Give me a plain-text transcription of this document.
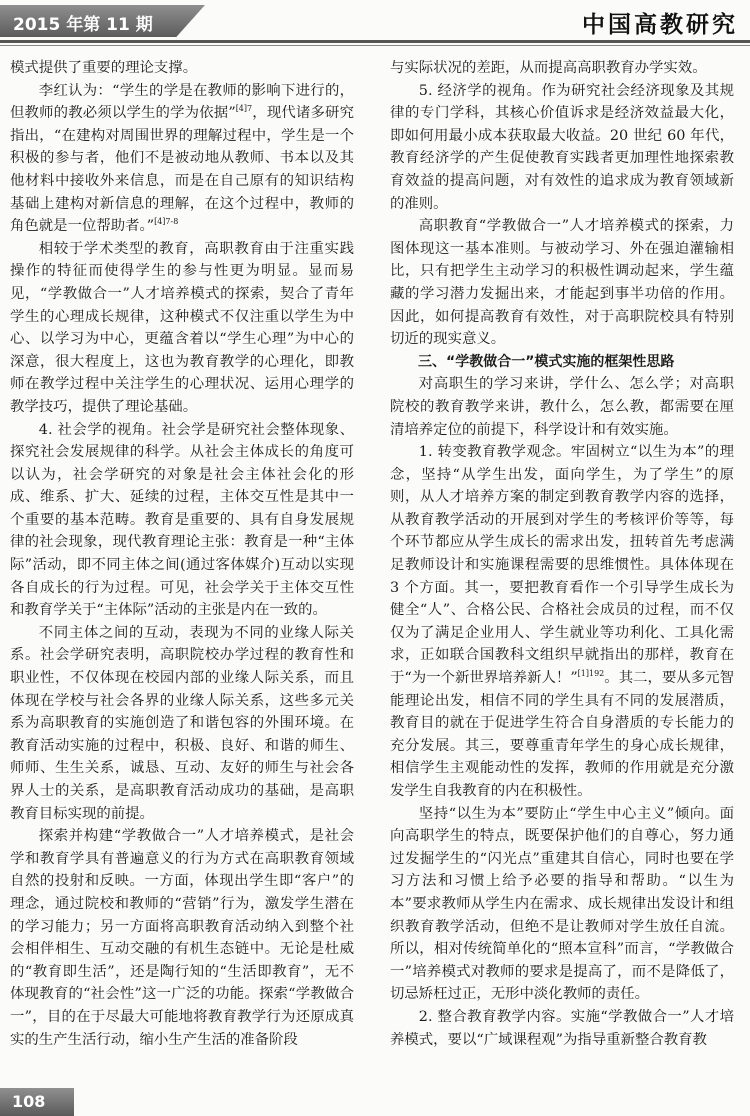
2015 年第 11 期	中国高教研究

模式提供了重要的理论支撑。

李红认为：“学生的学是在教师的影响下进行的，但教师的教必须以学生的学为依据”$^{[4]7}$，现代诸多研究指出，“在建构对周围世界的理解过程中，学生是一个积极的参与者，他们不是被动地从教师、书本以及其他材料中接收外来信息，而是在自己原有的知识结构基础上建构对新信息的理解，在这个过程中，教师的角色就是一位帮助者。”$^{[4]7-8}$

相较于学术类型的教育，高职教育由于注重实践操作的特征而使得学生的参与性更为明显。显而易见，“学教做合一”人才培养模式的探索，契合了青年学生的心理成长规律，这种模式不仅注重以学生为中心、以学习为中心，更蕴含着以“学生心理”为中心的深意，很大程度上，这也为教育教学的心理化，即教师在教学过程中关注学生的心理状况、运用心理学的教学技巧，提供了理论基础。

4. 社会学的视角。社会学是研究社会整体现象、探究社会发展规律的科学。从社会主体成长的角度可以认为，社会学研究的对象是社会主体社会化的形成、维系、扩大、延续的过程，主体交互性是其中一个重要的基本范畴。教育是重要的、具有自身发展规律的社会现象，现代教育理论主张：教育是一种“主体际”活动，即不同主体之间(通过客体媒介)互动以实现各自成长的行为过程。可见，社会学关于主体交互性和教育学关于“主体际”活动的主张是内在一致的。

不同主体之间的互动，表现为不同的业缘人际关系。社会学研究表明，高职院校办学过程的教育性和职业性，不仅体现在校园内部的业缘人际关系，而且体现在学校与社会各界的业缘人际关系，这些多元关系为高职教育的实施创造了和谐包容的外围环境。在教育活动实施的过程中，积极、良好、和谐的师生、师师、生生关系，诚恳、互动、友好的师生与社会各界人士的关系，是高职教育活动成功的基础，是高职教育目标实现的前提。

探索并构建“学教做合一”人才培养模式，是社会学和教育学具有普遍意义的行为方式在高职教育领域自然的投射和反映。一方面，体现出学生即“客户”的理念，通过院校和教师的“营销”行为，激发学生潜在的学习能力；另一方面将高职教育活动纳入到整个社会相伴相生、互动交融的有机生态链中。无论是杜威的“教育即生活”，还是陶行知的“生活即教育”，无不体现教育的“社会性”这一广泛的功能。探索“学教做合一”，目的在于尽最大可能地将教育教学行为还原成真实的生产生活行动，缩小生产生活的准备阶段

与实际状况的差距，从而提高高职教育办学实效。

5. 经济学的视角。作为研究社会经济现象及其规律的专门学科，其核心价值诉求是经济效益最大化，即如何用最小成本获取最大收益。20 世纪 60 年代，教育经济学的产生促使教育实践者更加理性地探索教育效益的提高问题，对有效性的追求成为教育领域新的准则。

高职教育“学教做合一”人才培养模式的探索，力图体现这一基本准则。与被动学习、外在强迫灌输相比，只有把学生主动学习的积极性调动起来，学生蕴藏的学习潜力发掘出来，才能起到事半功倍的作用。因此，如何提高教育有效性，对于高职院校具有特别切近的现实意义。

三、“学教做合一”模式实施的框架性思路

对高职生的学习来讲，学什么、怎么学；对高职院校的教育教学来讲，教什么，怎么教，都需要在厘清培养定位的前提下，科学设计和有效实施。

1. 转变教育教学观念。牢固树立“以生为本”的理念，坚持“从学生出发，面向学生，为了学生”的原则，从人才培养方案的制定到教育教学内容的选择，从教育教学活动的开展到对学生的考核评价等等，每个环节都应从学生成长的需求出发，扭转首先考虑满足教师设计和实施课程需要的思维惯性。具体体现在 3 个方面。其一，要把教育看作一个引导学生成长为健全“人”、合格公民、合格社会成员的过程，而不仅仅为了满足企业用人、学生就业等功利化、工具化需求，正如联合国教科文组织早就指出的那样，教育在于“为一个新世界培养新人！”$^{[1]192}$。其二，要从多元智能理论出发，相信不同的学生具有不同的发展潜质，教育目的就在于促进学生符合自身潜质的专长能力的充分发展。其三，要尊重青年学生的身心成长规律，相信学生主观能动性的发挥，教师的作用就是充分激发学生自我教育的内在积极性。

坚持“以生为本”要防止“学生中心主义”倾向。面向高职学生的特点，既要保护他们的自尊心，努力通过发掘学生的“闪光点”重建其自信心，同时也要在学习方法和习惯上给予必要的指导和帮助。“以生为本”要求教师从学生内在需求、成长规律出发设计和组织教育教学活动，但绝不是让教师对学生放任自流。所以，相对传统简单化的“照本宣科”而言，“学教做合一”培养模式对教师的要求是提高了，而不是降低了，切忌矫枉过正，无形中淡化教师的责任。

2. 整合教育教学内容。实施“学教做合一”人才培养模式，要以“广域课程观”为指导重新整合教育教

108
